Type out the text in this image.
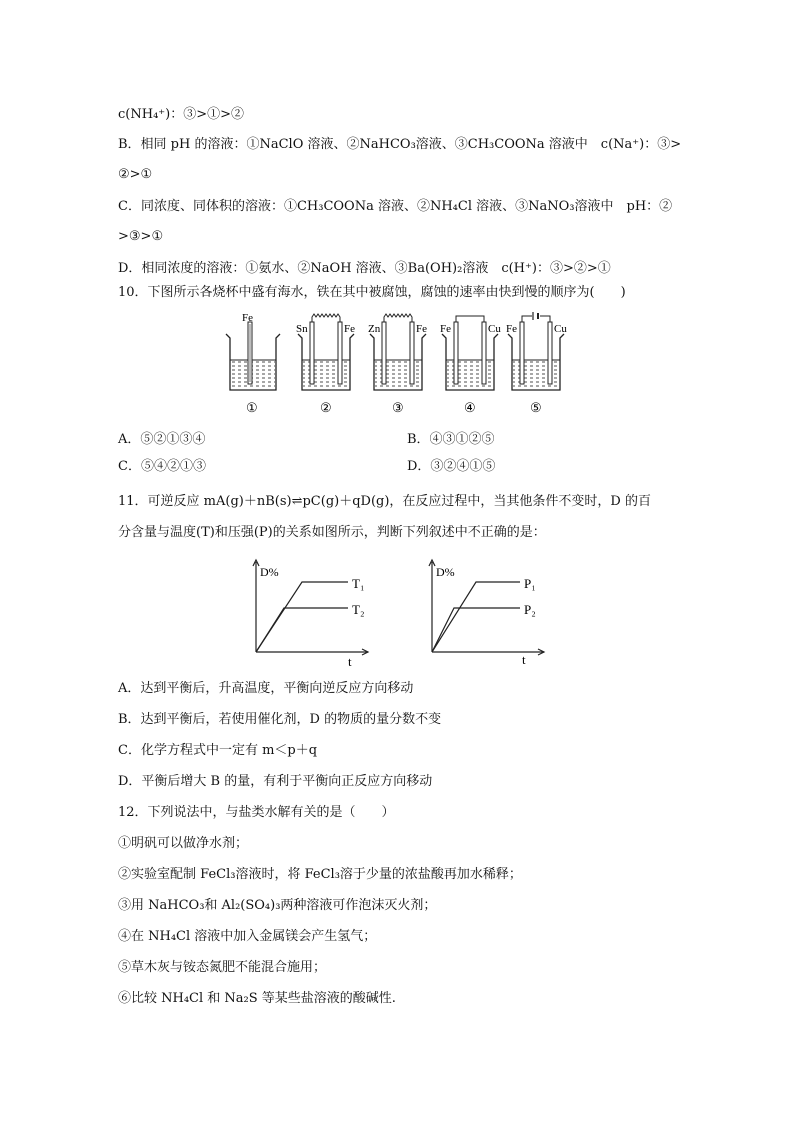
c(NH₄⁺)：③>①>②
B．相同 pH 的溶液：①NaClO 溶液、②NaHCO₃溶液、③CH₃COONa 溶液中　c(Na⁺)：③>
②>①
C．同浓度、同体积的溶液：①CH₃COONa 溶液、②NH₄Cl 溶液、③NaNO₃溶液中　pH：②
>③>①
D．相同浓度的溶液：①氨水、②NaOH 溶液、③Ba(OH)₂溶液　c(H⁺)：③>②>①
10．下图所示各烧杯中盛有海水，铁在其中被腐蚀，腐蚀的速率由快到慢的顺序为(　　)
Fe
①
Sn	Fe
②
Zn	Fe
③
Fe	Cu
④
Fe	Cu
⑤
A．⑤②①③④	B．④③①②⑤
C．⑤④②①③	D．③②④①⑤
11．可逆反应 mA(g)＋nB(s)⇌pC(g)＋qD(g)，在反应过程中，当其他条件不变时，D 的百
分含量与温度(T)和压强(P)的关系如图所示，判断下列叙述中不正确的是：
D%
T₁
T₂
t
D%
P₁
P₂
t
A．达到平衡后，升高温度，平衡向逆反应方向移动
B．达到平衡后，若使用催化剂，D 的物质的量分数不变
C．化学方程式中一定有 m＜p＋q
D．平衡后增大 B 的量，有利于平衡向正反应方向移动
12．下列说法中，与盐类水解有关的是（　　）
①明矾可以做净水剂；
②实验室配制 FeCl₃溶液时，将 FeCl₃溶于少量的浓盐酸再加水稀释；
③用 NaHCO₃和 Al₂(SO₄)₃两种溶液可作泡沫灭火剂；
④在 NH₄Cl 溶液中加入金属镁会产生氢气；
⑤草木灰与铵态氮肥不能混合施用；
⑥比较 NH₄Cl 和 Na₂S 等某些盐溶液的酸碱性.
